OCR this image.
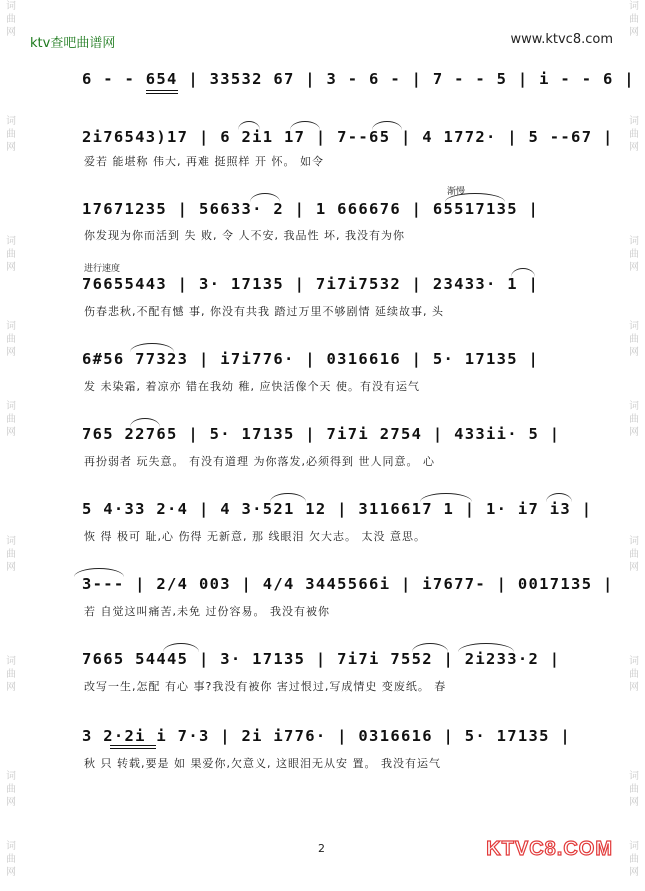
词
曲
网
词
曲
网
词
曲
网
词
曲
网
词
曲
网
词
曲
网
词
曲
网
词
曲
网
词
曲
网
词
曲
网
词
曲
网
词
曲
网
词
曲
网
词
曲
网
词
曲
网
词
曲
网
词
曲
网
词
曲
网
ktv查吧曲谱网	www.ktvc8.com
渐慢
进行速度
6 - - 654 | 33532 67 | 3 - 6 - | 7 - - 5 | i - - 6 |
2i76543)17 | 6 2i1 17 | 7--65 | 4 1772· | 5 --67 |
爱若 能堪称 伟大, 再难 挺照样 开 怀。 如令
17671235 | 56633· 2 | 1 666676 | 65517135 |
你发现为你而活到 失 败, 令 人不安, 我品性 坏, 我没有为你
76655443 | 3· 17135 | 7i7i7532 | 23433· 1 |
伤春悲秋,不配有憾 事, 你没有共我 踏过万里不够剧情 延续故事, 头
6#56 77323 | i7i776· | 0316616 | 5· 17135 |
发 未染霜, 着凉亦 错在我幼 稚, 应快活像个天 使。有没有运气
765 22765 | 5· 17135 | 7i7i 2754 | 433ii· 5 |
再扮弱者 玩失意。 有没有道理 为你落发,必须得到 世人同意。 心
5 4·33 2·4 | 4 3·521 12 | 3116617 1 | 1· i7 i3 |
恢 得 极可 耻,心 伤得 无新意, 那 线眼泪 欠大志。 太没 意思。
3--- | 2/4 003 | 4/4 3445566i | i7677- | 0017135 |
若 自觉这叫痛苦,未免 过份容易。 我没有被你
7665 54445 | 3· 17135 | 7i7i 7552 | 2i233·2 |
改写一生,怎配 有心 事?我没有被你 害过恨过,写成情史 变废纸。 春
3 2·2i i 7·3 | 2i i776· | 0316616 | 5· 17135 |
秋 只 转载,要是 如 果爱你,欠意义, 这眼泪无从安 置。 我没有运气
2	KTVC8.COM
